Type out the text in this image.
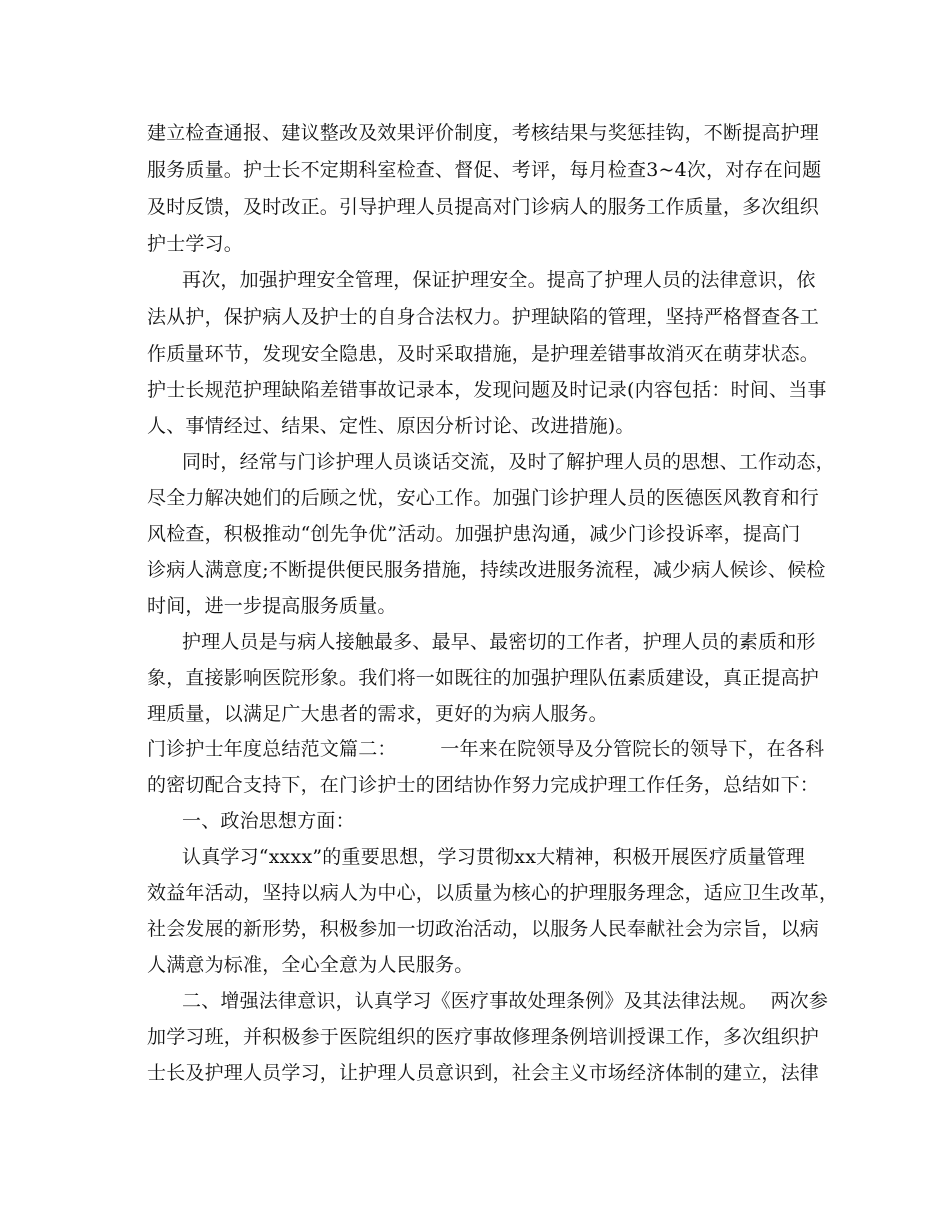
建立检查通报、建议整改及效果评价制度，考核结果与奖惩挂钩，不断提高护理
服务质量。护士长不定期科室检查、督促、考评，每月检查3~4次，对存在问题
及时反馈，及时改正。引导护理人员提高对门诊病人的服务工作质量，多次组织
护士学习。
再次，加强护理安全管理，保证护理安全。提高了护理人员的法律意识，依
法从护，保护病人及护士的自身合法权力。护理缺陷的管理，坚持严格督查各工
作质量环节，发现安全隐患，及时采取措施，是护理差错事故消灭在萌芽状态。
护士长规范护理缺陷差错事故记录本，发现问题及时记录(内容包括：时间、当事
人、事情经过、结果、定性、原因分析讨论、改进措施)。
同时，经常与门诊护理人员谈话交流，及时了解护理人员的思想、工作动态，
尽全力解决她们的后顾之忧，安心工作。加强门诊护理人员的医德医风教育和行
风检查，积极推动“创先争优”活动。加强护患沟通，减少门诊投诉率，提高门
诊病人满意度;不断提供便民服务措施，持续改进服务流程，减少病人候诊、候检
时间，进一步提高服务质量。
护理人员是与病人接触最多、最早、最密切的工作者，护理人员的素质和形
象，直接影响医院形象。我们将一如既往的加强护理队伍素质建设，真正提高护
理质量，以满足广大患者的需求，更好的为病人服务。
门诊护士年度总结范文篇二：       一年来在院领导及分管院长的领导下，在各科
的密切配合支持下，在门诊护士的团结协作努力完成护理工作任务，总结如下：
一、政治思想方面：
认真学习“xxxx”的重要思想，学习贯彻xx大精神，积极开展医疗质量管理
效益年活动，坚持以病人为中心，以质量为核心的护理服务理念，适应卫生改革，
社会发展的新形势，积极参加一切政治活动，以服务人民奉献社会为宗旨，以病
人满意为标准，全心全意为人民服务。
二、增强法律意识，认真学习《医疗事故处理条例》及其法律法规。  两次参
加学习班，并积极参于医院组织的医疗事故修理条例培训授课工作，多次组织护
士长及护理人员学习，让护理人员意识到，社会主义市场经济体制的建立，法律
